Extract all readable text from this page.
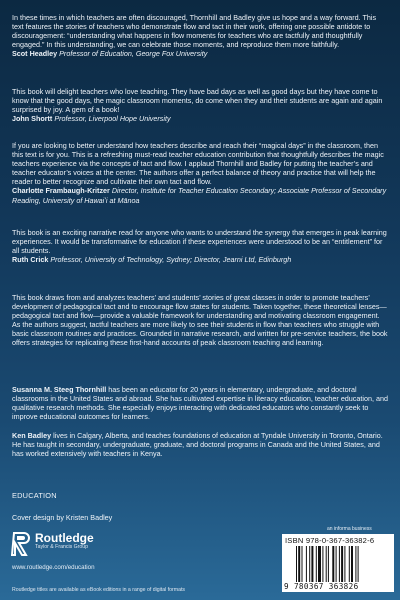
In these times in which teachers are often discouraged, Thornhill and Badley give us hope and a way forward. This text features the stories of teachers who demonstrate flow and tact in their work, offering one possible antidote to discouragement: “understanding what happens in flow moments for teachers who are tactfully and thoughtfully engaged.” In this understanding, we can celebrate those moments, and reproduce them more faithfully.

Scot Headley Professor of Education, George Fox University

This book will delight teachers who love teaching. They have bad days as well as good days but they have come to know that the good days, the magic classroom moments, do come when they and their students are again and again surprised by joy. A gem of a book!

John Shortt Professor, Liverpool Hope University

If you are looking to better understand how teachers describe and reach their “magical days” in the classroom, then this text is for you. This is a refreshing must-read teacher education contribution that thoughtfully describes the magic teachers experience via the concepts of tact and flow. I applaud Thornhill and Badley for putting the teacher’s and teacher educator’s voices at the center. The authors offer a perfect balance of theory and practice that will help the reader to better recognize and cultivate their own tact and flow.

Charlotte Frambaugh-Kritzer Director, Institute for Teacher Education Secondary; Associate Professor of Secondary Reading, University of Hawaiʻi at Mānoa

This book is an exciting narrative read for anyone who wants to understand the synergy that emerges in peak learning experiences. It would be transformative for education if these experiences were understood to be an “entitlement” for all students.

Ruth Crick Professor, University of Technology, Sydney; Director, Jearni Ltd, Edinburgh

This book draws from and analyzes teachers’ and students’ stories of great classes in order to promote teachers’ development of pedagogical tact and to encourage flow states for students. Taken together, these theoretical lenses—pedagogical tact and flow—provide a valuable framework for understanding and motivating classroom engagement. As the authors suggest, tactful teachers are more likely to see their students in flow than teachers who struggle with basic classroom routines and practices. Grounded in narrative research, and written for pre-service teachers, the book offers strategies for replicating these first-hand accounts of peak classroom teaching and learning.

Susanna M. Steeg Thornhill has been an educator for 20 years in elementary, undergraduate, and doctoral classrooms in the United States and abroad. She has cultivated expertise in literacy education, teacher education, and qualitative research methods. She especially enjoys interacting with dedicated educators who constantly seek to improve educational outcomes for learners.

Ken Badley lives in Calgary, Alberta, and teaches foundations of education at Tyndale University in Toronto, Ontario. He has taught in secondary, undergraduate, graduate, and doctoral programs in Canada and the United States, and has worked extensively with teachers in Kenya.

EDUCATION
Cover design by Kristen Badley
Routledge
Taylor & Francis Group
www.routledge.com/education
Routledge titles are available as eBook editions in a range of digital formats
an informa business
ISBN 978-0-367-36382-6
9 780367 363826
